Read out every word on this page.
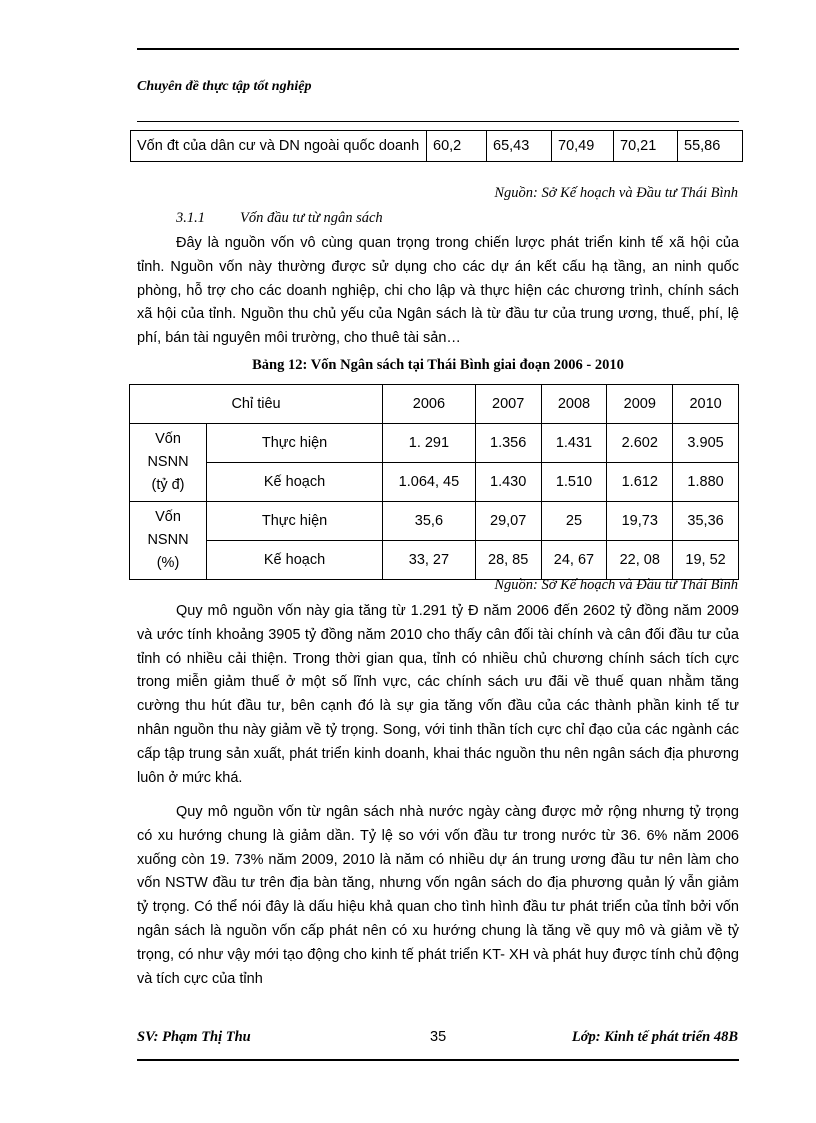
Chuyên đề thực tập tốt nghiệp
Vốn đt của dân cư và DN ngoài quốc doanh	60,2	65,43	70,49	70,21	55,86
Nguồn: Sở Kế hoạch và Đầu tư Thái Bình
3.1.1 Vốn đầu tư từ ngân sách
Đây là nguồn vốn vô cùng quan trọng trong chiến lược phát triển kinh tế xã hội của tỉnh. Nguồn vốn này thường được sử dụng cho các dự án kết cấu hạ tầng, an ninh quốc phòng, hỗ trợ cho các doanh nghiệp, chi cho lập và thực hiện các chương trình, chính sách xã hội của tỉnh. Nguồn thu chủ yếu của Ngân sách là từ đầu tư của trung ương, thuế, phí, lệ phí, bán tài nguyên môi trường, cho thuê tài sản…
Bảng 12: Vốn Ngân sách tại Thái Bình giai đoạn 2006 - 2010
Chỉ tiêu		2006	2007	2008	2009	2010

Vốn
NSNN
(tỷ đ)	Thực hiện	1. 291	1.356	1.431	2.602	3.905
	Kế hoạch	1.064, 45	1.430	1.510	1.612	1.880

Vốn
NSNN
(%)	Thực hiện	35,6	29,07	25	19,73	35,36
	Kế hoạch	33, 27	28, 85	24, 67	22, 08	19, 52
Nguồn: Sở Kế hoạch và Đầu tư Thái Bình
Quy mô nguồn vốn này gia tăng từ 1.291 tỷ Đ năm 2006 đến 2602 tỷ đồng năm 2009 và ước tính khoảng 3905 tỷ đồng năm 2010 cho thấy cân đối tài chính và cân đối đầu tư của tỉnh có nhiều cải thiện. Trong thời gian qua, tỉnh có nhiều chủ chương chính sách tích cực trong miễn giảm thuế ở một số lĩnh vực, các chính sách ưu đãi về thuế quan nhằm tăng cường thu hút đầu tư, bên cạnh đó là sự gia tăng vốn đầu của các thành phần kinh tế tư nhân nguồn thu này giảm về tỷ trọng. Song, với tinh thần tích cực chỉ đạo của các ngành các cấp tập trung sản xuất, phát triển kinh doanh, khai thác nguồn thu nên ngân sách địa phương luôn ở mức khá.
Quy mô nguồn vốn từ ngân sách nhà nước ngày càng được mở rộng nhưng tỷ trọng có xu hướng chung là giảm dần. Tỷ lệ so với vốn đầu tư trong nước từ 36. 6% năm 2006 xuống còn 19. 73% năm 2009, 2010 là năm có nhiều dự án trung ương đầu tư nên làm cho vốn NSTW đầu tư trên địa bàn tăng, nhưng vốn ngân sách do địa phương quản lý vẫn giảm tỷ trọng. Có thể nói đây là dấu hiệu khả quan cho tình hình đầu tư phát triển của tỉnh bởi vốn ngân sách là nguồn vốn cấp phát nên có xu hướng chung là tăng về quy mô và giảm về tỷ trọng, có như vậy mới tạo động cho kinh tế phát triển KT- XH và phát huy được tính chủ động và tích cực của tỉnh
SV: Phạm Thị Thu	35	Lớp: Kinh tế phát triển 48B
